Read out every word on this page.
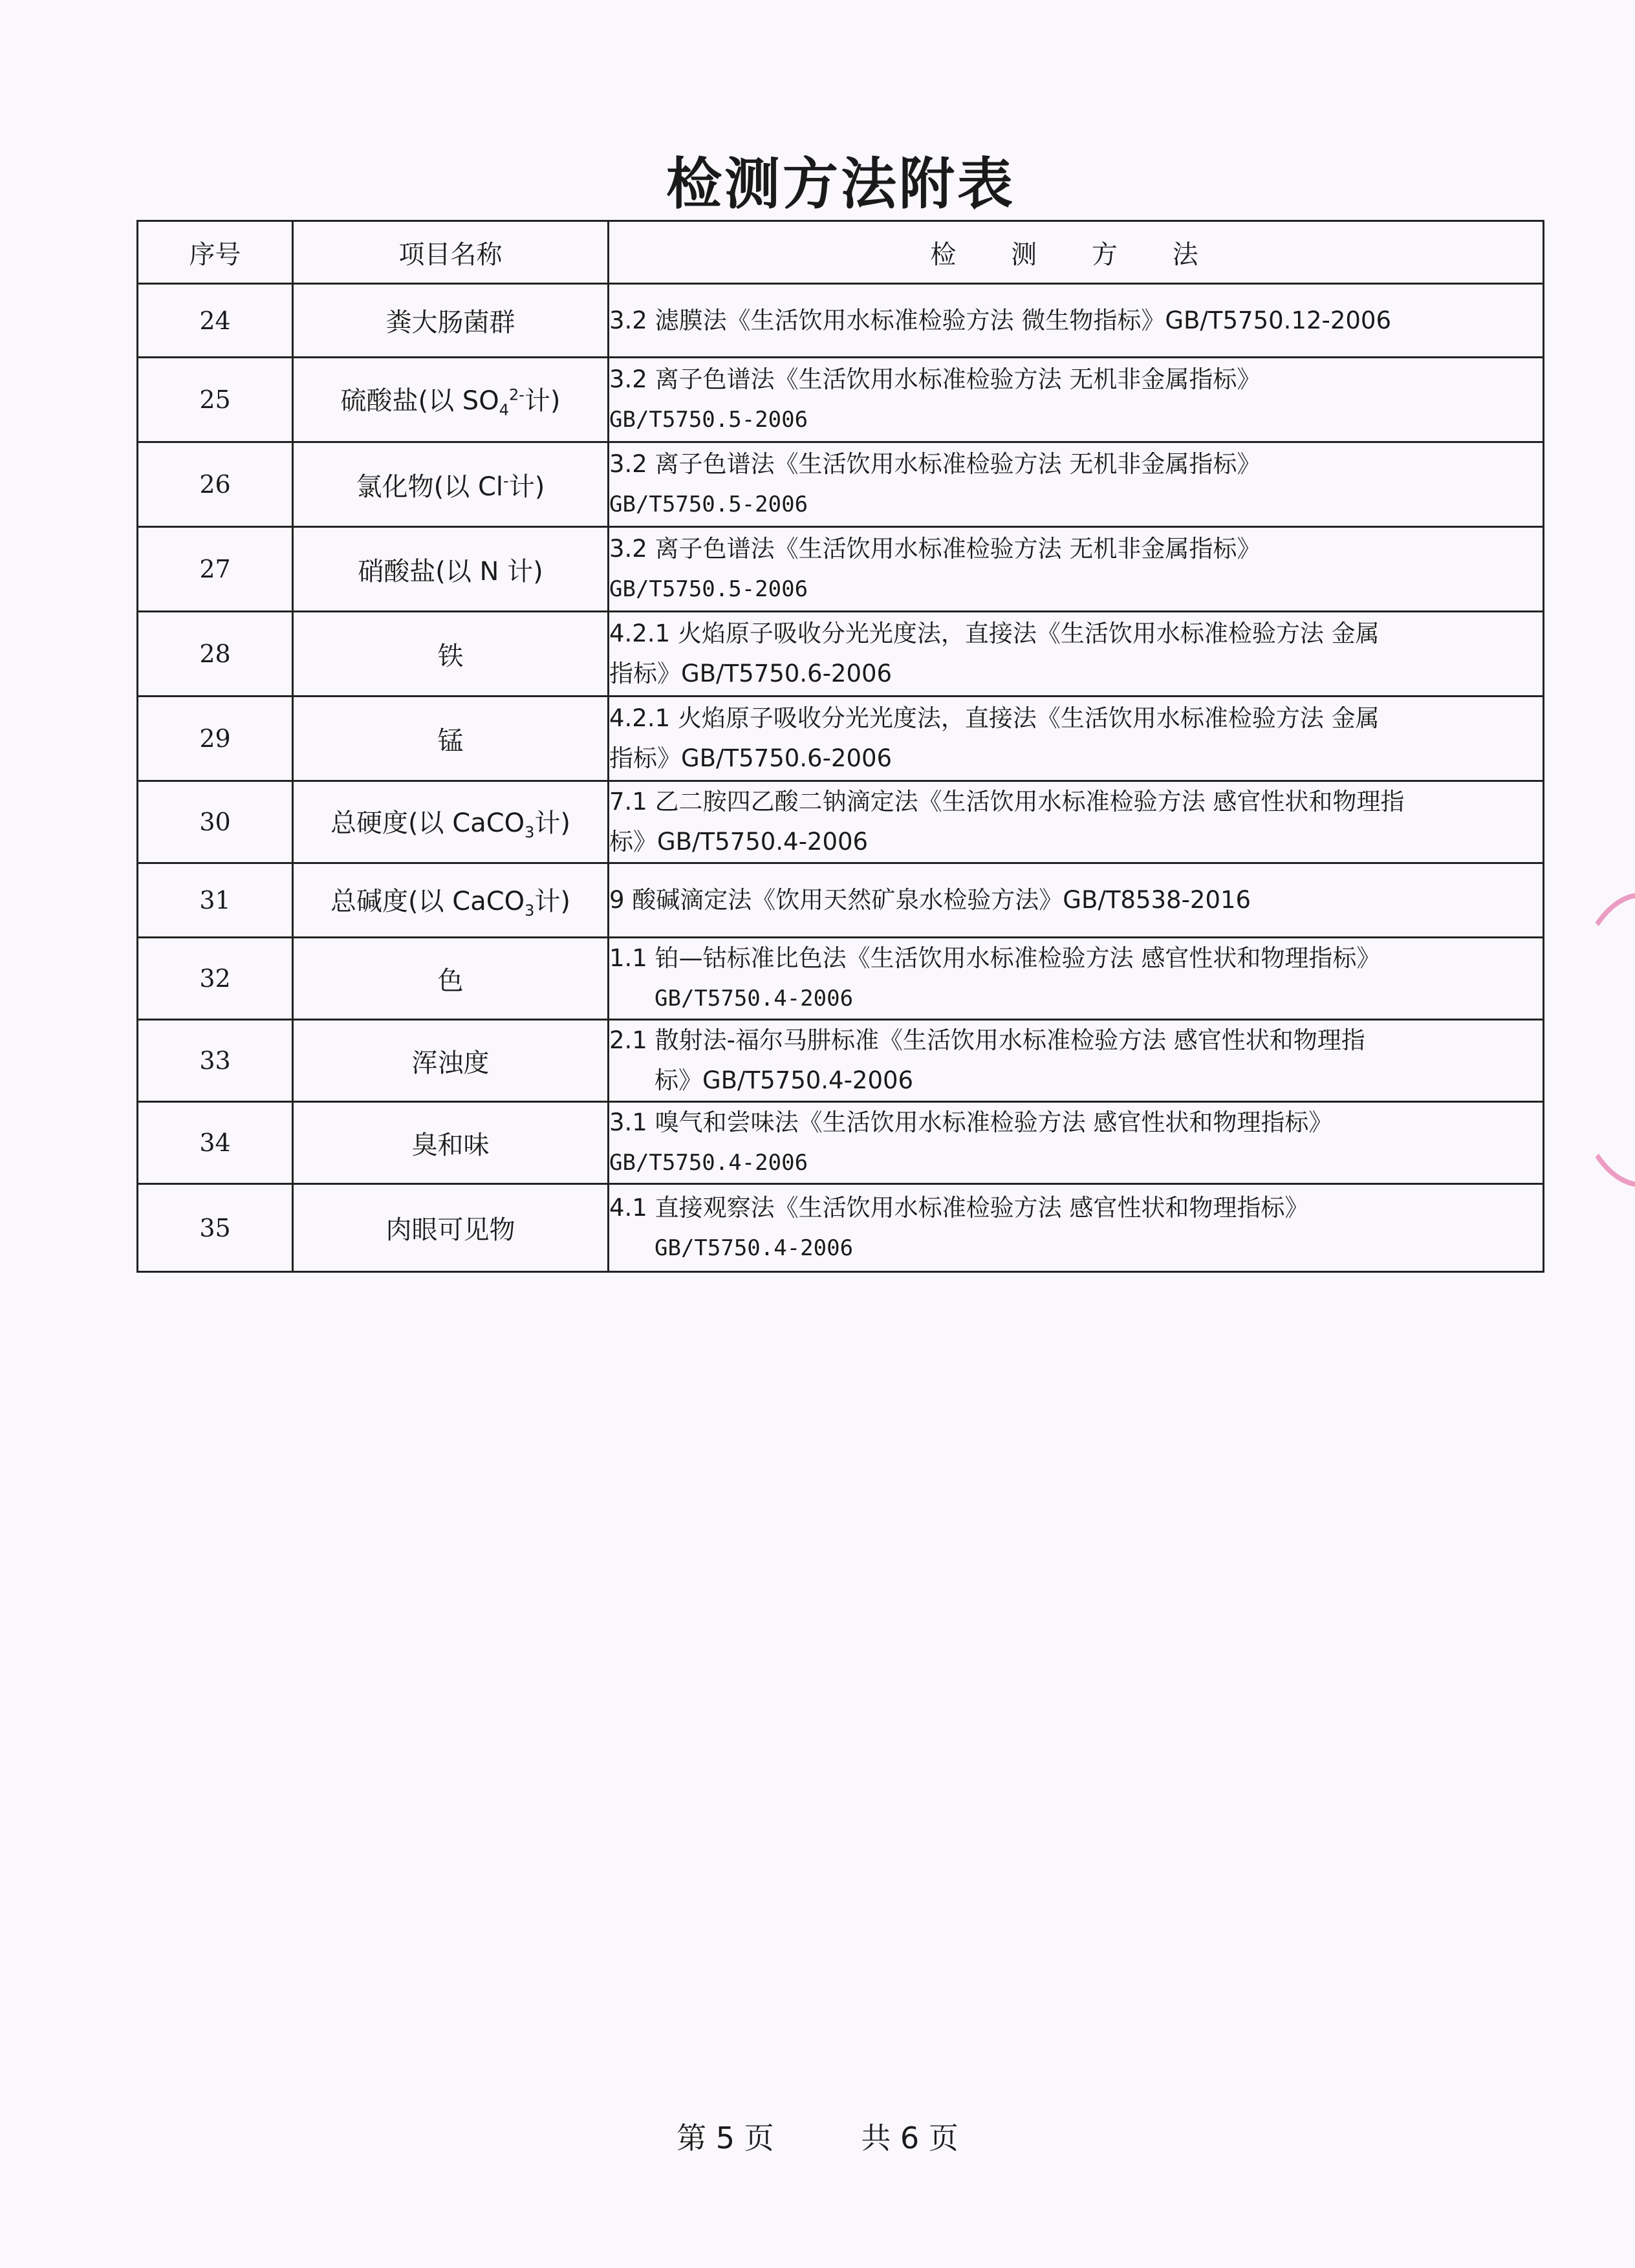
检测方法附表
序号	项目名称	检 测 方 法
24	粪大肠菌群	3.2 滤膜法《生活饮用水标准检验方法 微生物指标》GB/T5750.12-2006

25	硫酸盐(以 $SO_4^{2-}$计)	3.2 离子色谱法《生活饮用水标准检验方法 无机非金属指标》
GB/T5750.5-2006

26	氯化物(以 Cl-计)	3.2 离子色谱法《生活饮用水标准检验方法 无机非金属指标》
GB/T5750.5-2006

27	硝酸盐(以 N 计)	3.2 离子色谱法《生活饮用水标准检验方法 无机非金属指标》
GB/T5750.5-2006

28	铁	4.2.1 火焰原子吸收分光光度法，直接法《生活饮用水标准检验方法 金属
指标》GB/T5750.6-2006

29	锰	4.2.1 火焰原子吸收分光光度法，直接法《生活饮用水标准检验方法 金属
指标》GB/T5750.6-2006

30	总硬度(以 CaCO$_3$计)	7.1 乙二胺四乙酸二钠滴定法《生活饮用水标准检验方法 感官性状和物理指
标》GB/T5750.4-2006

31	总碱度(以 CaCO$_3$计)	9 酸碱滴定法《饮用天然矿泉水检验方法》GB/T8538-2016

32	色	1.1 铂—钴标准比色法《生活饮用水标准检验方法 感官性状和物理指标》
GB/T5750.4-2006

33	浑浊度	2.1 散射法-福尔马肼标准《生活饮用水标准检验方法 感官性状和物理指
标》GB/T5750.4-2006

34	臭和味	3.1 嗅气和尝味法《生活饮用水标准检验方法 感官性状和物理指标》
GB/T5750.4-2006

35	肉眼可见物	4.1 直接观察法《生活饮用水标准检验方法 感官性状和物理指标》
GB/T5750.4-2006
第 5 页	共 6 页
